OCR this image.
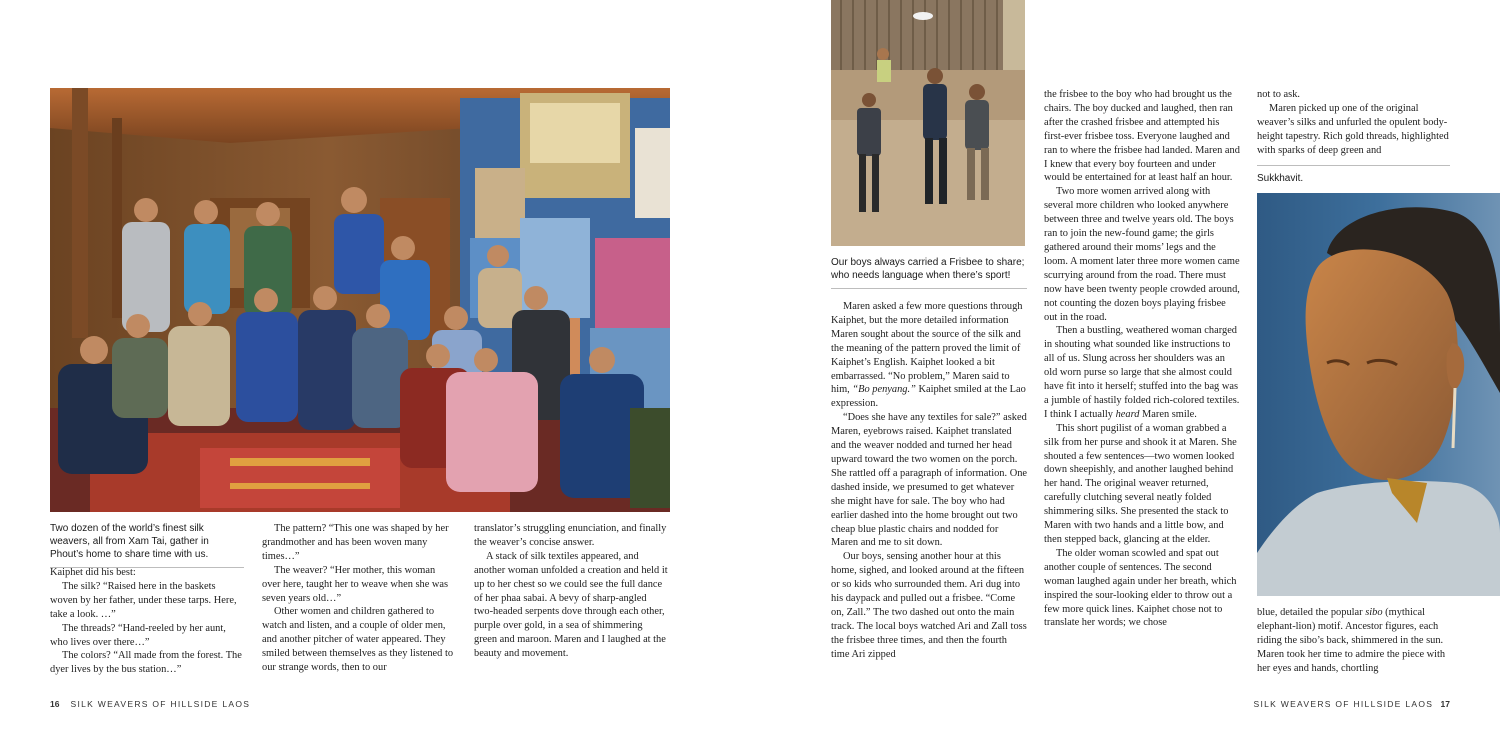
Two dozen of the world’s finest silk weavers, all from Xam Tai, gather in Phout’s home to share time with us.

Kaiphet did his best:

The silk? “Raised here in the baskets woven by her father, under these tarps. Here, take a look. …”

The threads? “Hand-reeled by her aunt, who lives over there…”

The colors? “All made from the forest. The dyer lives by the bus station…”

The pattern? “This one was shaped by her grandmother and has been woven many times…”

The weaver? “Her mother, this woman over here, taught her to weave when she was seven years old…”

Other women and children gathered to watch and listen, and a couple of older men, and another pitcher of water appeared. They smiled between themselves as they listened to our strange words, then to our

translator’s struggling enunciation, and finally the weaver’s concise answer.

A stack of silk textiles appeared, and another woman unfolded a creation and held it up to her chest so we could see the full dance of her phaa sabai. A bevy of sharp-angled two-headed serpents dove through each other, purple over gold, in a sea of shimmering green and maroon. Maren and I laughed at the beauty and movement.

16 SILK WEAVERS OF HILLSIDE LAOS
Our boys always carried a Frisbee to share; who needs language when there’s sport!

Maren asked a few more questions through Kaiphet, but the more detailed information Maren sought about the source of the silk and the meaning of the pattern proved the limit of Kaiphet’s English. Kaiphet looked a bit embarrassed. “No problem,” Maren said to him, “Bo penyang.” Kaiphet smiled at the Lao expression.

“Does she have any textiles for sale?” asked Maren, eyebrows raised. Kaiphet translated and the weaver nodded and turned her head upward toward the two women on the porch. She rattled off a paragraph of information. One dashed inside, we presumed to get whatever she might have for sale. The boy who had earlier dashed into the home brought out two cheap blue plastic chairs and nodded for Maren and me to sit down.

Our boys, sensing another hour at this home, sighed, and looked around at the fifteen or so kids who surrounded them. Ari dug into his daypack and pulled out a frisbee. “Come on, Zall.” The two dashed out onto the main track. The local boys watched Ari and Zall toss the frisbee three times, and then the fourth time Ari zipped

the frisbee to the boy who had brought us the chairs. The boy ducked and laughed, then ran after the crashed frisbee and attempted his first-ever frisbee toss. Everyone laughed and ran to where the frisbee had landed. Maren and I knew that every boy fourteen and under would be entertained for at least half an hour.

Two more women arrived along with several more children who looked anywhere between three and twelve years old. The boys ran to join the new-found game; the girls gathered around their moms’ legs and the loom. A moment later three more women came scurrying around from the road. There must now have been twenty people crowded around, not counting the dozen boys playing frisbee out in the road.

Then a bustling, weathered woman charged in shouting what sounded like instructions to all of us. Slung across her shoulders was an old worn purse so large that she almost could have fit into it herself; stuffed into the bag was a jumble of hastily folded rich-colored textiles. I think I actually heard Maren smile.

This short pugilist of a woman grabbed a silk from her purse and shook it at Maren. She shouted a few sentences—two women looked down sheepishly, and another laughed behind her hand. The original weaver returned, carefully clutching several neatly folded shimmering silks. She presented the stack to Maren with two hands and a little bow, and then stepped back, glancing at the elder.

The older woman scowled and spat out another couple of sentences. The second woman laughed again under her breath, which inspired the sour-looking elder to throw out a few more quick lines. Kaiphet chose not to translate her words; we chose

not to ask.

Maren picked up one of the original weaver’s silks and unfurled the opulent body-height tapestry. Rich gold threads, highlighted with sparks of deep green and

Sukkhavit.

blue, detailed the popular sibo (mythical elephant-lion) motif. Ancestor figures, each riding the sibo’s back, shimmered in the sun. Maren took her time to admire the piece with her eyes and hands, chortling

SILK WEAVERS OF HILLSIDE LAOS 17
